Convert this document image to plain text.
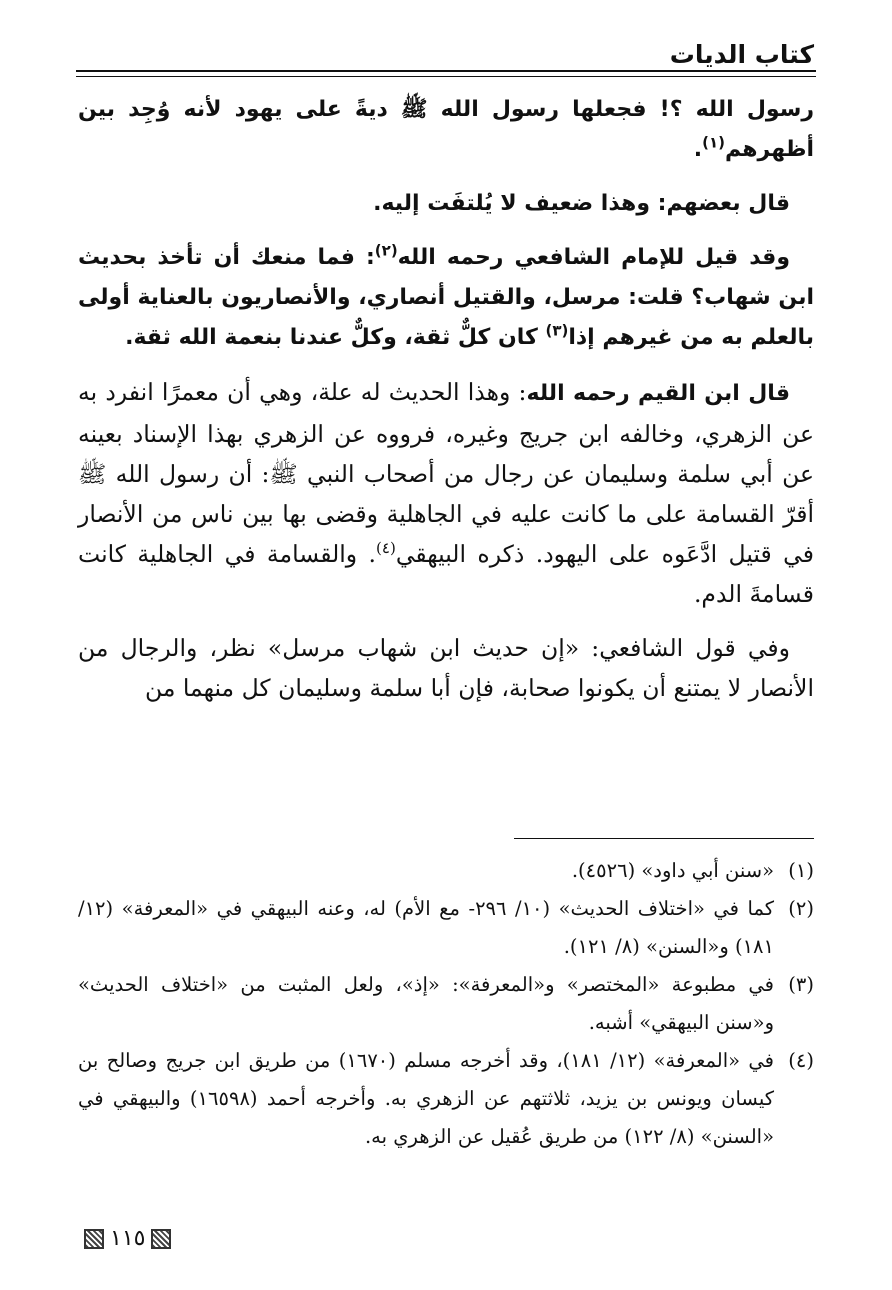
كتاب الديات

رسول الله ؟! فجعلها رسول الله ﷺ ديةً على يهود لأنه وُجِد بين أظهرهم$^{(١)}$.

قال بعضهم: وهذا ضعيف لا يُلتفَت إليه.

وقد قيل للإمام الشافعي رحمه الله$^{(٢)}$: فما منعك أن تأخذ بحديث ابن شهاب؟ قلت: مرسل، والقتيل أنصاري، والأنصاريون بالعناية أولى بالعلم به من غيرهم إذا$^{(٣)}$ كان كلٌّ ثقة، وكلٌّ عندنا بنعمة الله ثقة.

قال ابن القيم رحمه الله: وهذا الحديث له علة، وهي أن معمرًا انفرد به عن الزهري، وخالفه ابن جريج وغيره، فرووه عن الزهري بهذا الإسناد بعينه عن أبي سلمة وسليمان عن رجال من أصحاب النبي ﷺ: أن رسول الله ﷺ أقرّ القسامة على ما كانت عليه في الجاهلية وقضى بها بين ناس من الأنصار في قتيل ادَّعَوه على اليهود. ذكره البيهقي$^{(٤)}$. والقسامة في الجاهلية كانت قسامةَ الدم.

وفي قول الشافعي: «إن حديث ابن شهاب مرسل» نظر، والرجال من الأنصار لا يمتنع أن يكونوا صحابة، فإن أبا سلمة وسليمان كل منهما من

(١)
«سنن أبي داود» (٤٥٢٦).
(٢)
كما في «اختلاف الحديث» (١٠/ ٢٩٦- مع الأم) له، وعنه البيهقي في «المعرفة» (١٢/ ١٨١) و«السنن» (٨/ ١٢١).
(٣)
في مطبوعة «المختصر» و«المعرفة»: «إذ»، ولعل المثبت من «اختلاف الحديث» و«سنن البيهقي» أشبه.
(٤)
في «المعرفة» (١٢/ ١٨١)، وقد أخرجه مسلم (١٦٧٠) من طريق ابن جريج وصالح بن كيسان ويونس بن يزيد، ثلاثتهم عن الزهري به. وأخرجه أحمد (١٦٥٩٨) والبيهقي في «السنن» (٨/ ١٢٢) من طريق عُقيل عن الزهري به.
١١٥
